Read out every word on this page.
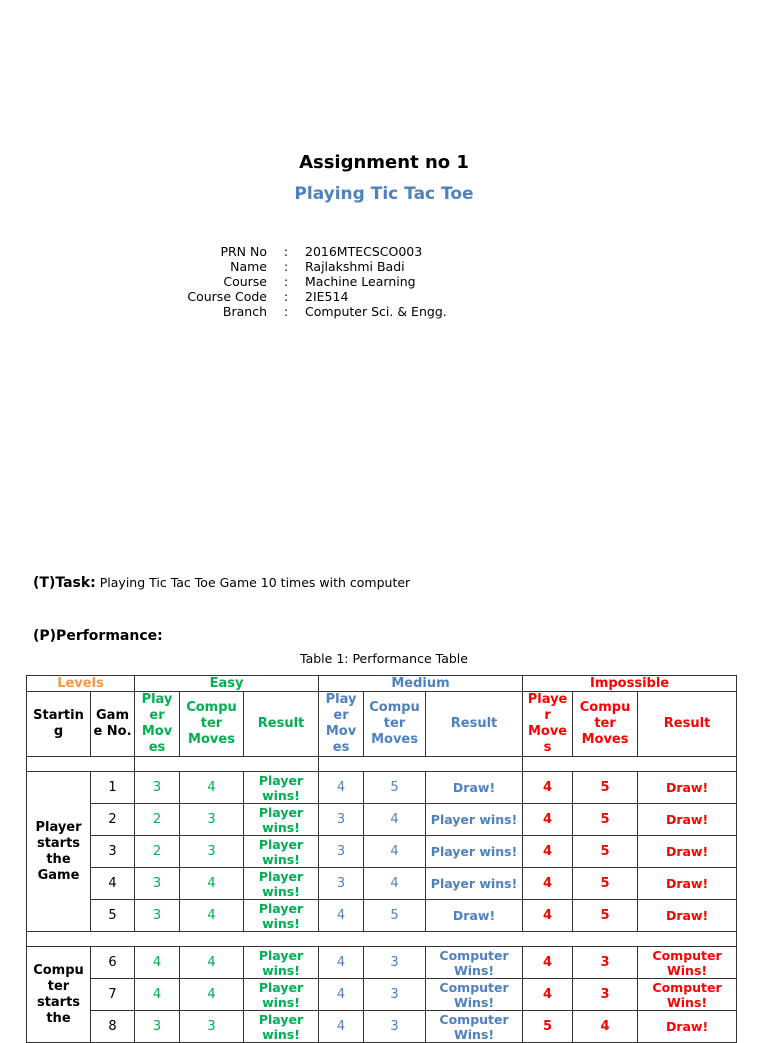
Assignment no 1
Playing Tic Tac Toe
PRN No	:	2016MTECSCO003
Name	:	Rajlakshmi Badi
Course	:	Machine Learning
Course Code	:	2IE514
Branch	:	Computer Sci. & Engg.
(T)Task: Playing Tic Tac Toe Game 10 times with computer
(P)Performance:
Table 1: Performance Table
Levels		Easy			Medium			Impossible		
Startin g	Gam e No.	Play er Mov es	Compu ter Moves	Result	Play er Mov es	Compu ter Moves	Result	Playe r Move s	Compu ter Moves	Result

Player starts the Game	1	3	4	Player wins!	4	5	Draw!	4	5	Draw!
	2	2	3	Player wins!	3	4	Player wins!	4	5	Draw!
	3	2	3	Player wins!	3	4	Player wins!	4	5	Draw!
	4	3	4	Player wins!	3	4	Player wins!	4	5	Draw!
	5	3	4	Player wins!	4	5	Draw!	4	5	Draw!

Compu ter starts the	6	4	4	Player wins!	4	3	Computer Wins!	4	3	Computer Wins!
	7	4	4	Player wins!	4	3	Computer Wins!	4	3	Computer Wins!
	8	3	3	Player wins!	4	3	Computer Wins!	5	4	Draw!
